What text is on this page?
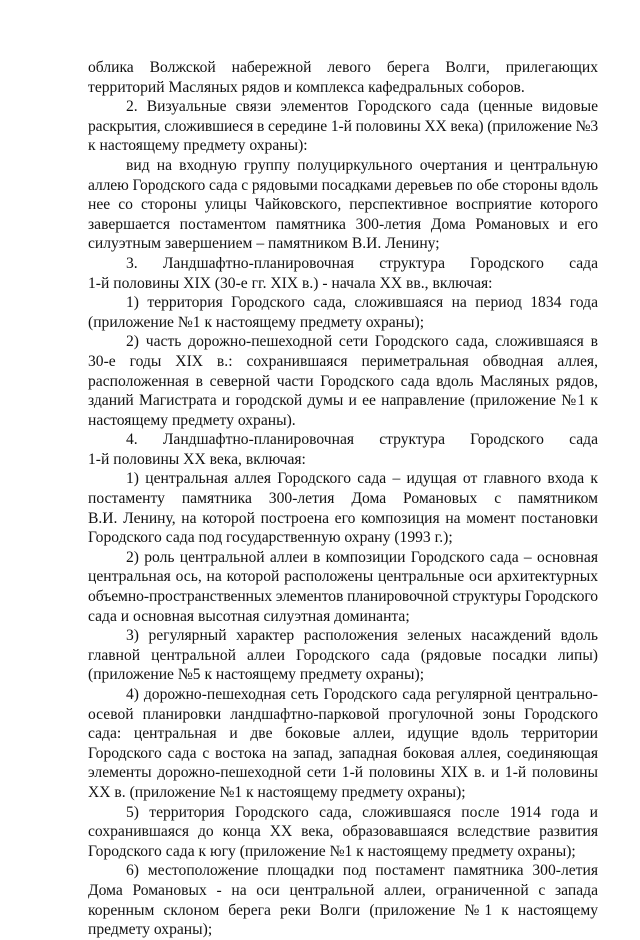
облика Волжской набережной левого берега Волги, прилегающих
территорий Масляных рядов и комплекса кафедральных соборов.
2. Визуальные связи элементов Городского сада (ценные видовые
раскрытия, сложившиеся в середине 1-й половины XX века) (приложение №3
к настоящему предмету охраны):
вид на входную группу полуциркульного очертания и центральную
аллею Городского сада с рядовыми посадками деревьев по обе стороны вдоль
нее со стороны улицы Чайковского, перспективное восприятие которого
завершается постаментом памятника 300-летия Дома Романовых и его
силуэтным завершением – памятником В.И. Ленину;
3. Ландшафтно-планировочная структура Городского сада
1-й половины XIX (30-е гг. XIX в.) - начала XX вв., включая:
1) территория Городского сада, сложившаяся на период 1834 года
(приложение №1 к настоящему предмету охраны);
2) часть дорожно-пешеходной сети Городского сада, сложившаяся в
30-е годы XIX в.: сохранившаяся периметральная обводная аллея,
расположенная в северной части Городского сада вдоль Масляных рядов,
зданий Магистрата и городской думы и ее направление (приложение №1 к
настоящему предмету охраны).
4. Ландшафтно-планировочная структура Городского сада
1-й половины XX века, включая:
1) центральная аллея Городского сада – идущая от главного входа к
постаменту памятника 300-летия Дома Романовых с памятником
В.И. Ленину, на которой построена его композиция на момент постановки
Городского сада под государственную охрану (1993 г.);
2) роль центральной аллеи в композиции Городского сада – основная
центральная ось, на которой расположены центральные оси архитектурных
объемно-пространственных элементов планировочной структуры Городского
сада и основная высотная силуэтная доминанта;
3) регулярный характер расположения зеленых насаждений вдоль
главной центральной аллеи Городского сада (рядовые посадки липы)
(приложение №5 к настоящему предмету охраны);
4) дорожно-пешеходная сеть Городского сада регулярной центрально-
осевой планировки ландшафтно-парковой прогулочной зоны Городского
сада: центральная и две боковые аллеи, идущие вдоль территории
Городского сада с востока на запад, западная боковая аллея, соединяющая
элементы дорожно-пешеходной сети 1-й половины XIX в. и 1-й половины
XX в. (приложение №1 к настоящему предмету охраны);
5) территория Городского сада, сложившаяся после 1914 года и
сохранившаяся до конца XX века, образовавшаяся вследствие развития
Городского сада к югу (приложение №1 к настоящему предмету охраны);
6) местоположение площадки под постамент памятника 300-летия
Дома Романовых - на оси центральной аллеи, ограниченной с запада
коренным склоном берега реки Волги (приложение №1 к настоящему
предмету охраны);
